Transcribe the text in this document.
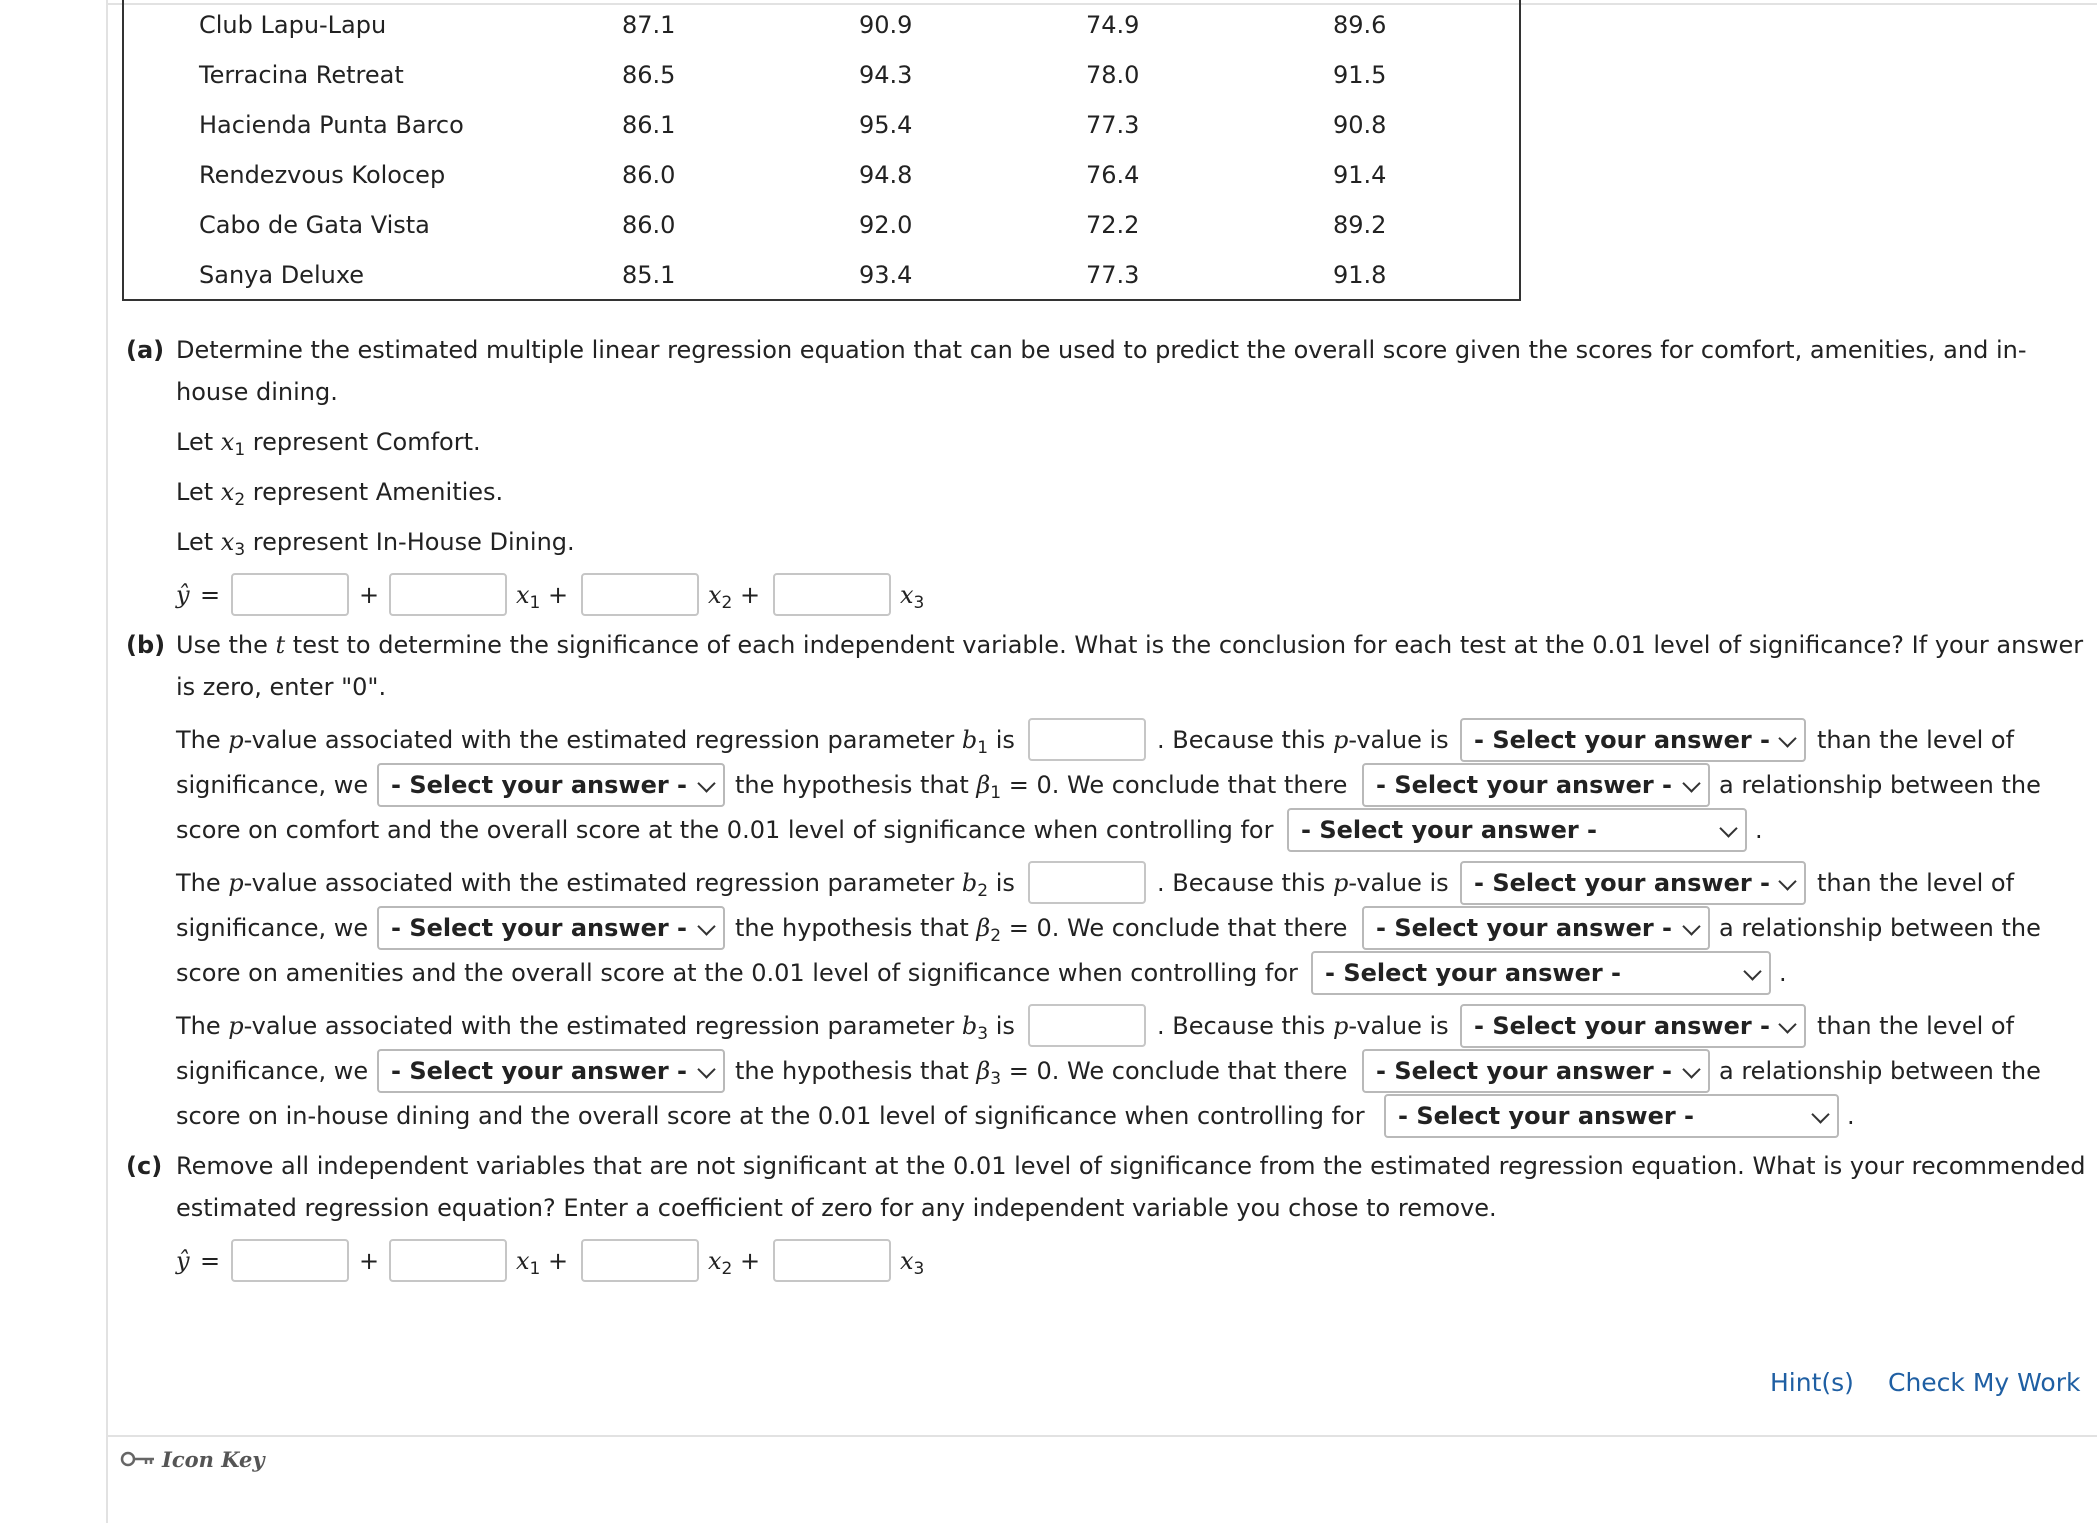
Club Lapu-Lapu	87.1	90.9	74.9	89.6
Terracina Retreat	86.5	94.3	78.0	91.5
Hacienda Punta Barco	86.1	95.4	77.3	90.8
Rendezvous Kolocep	86.0	94.8	76.4	91.4
Cabo de Gata Vista	86.0	92.0	72.2	89.2
Sanya Deluxe	85.1	93.4	77.3	91.8
(a) Determine the estimated multiple linear regression equation that can be used to predict the overall score given the scores for comfort, amenities, and in-
house dining.
Let $x_1$ represent Comfort.
Let $x_2$ represent Amenities.
Let $x_3$ represent In-House Dining.
ŷ =	+	$x_1$ +	$x_2$ +	$x_3$
(b) Use the t test to determine the significance of each independent variable. What is the conclusion for each test at the 0.01 level of significance? If your answer
is zero, enter "0".
The p-value associated with the estimated regression parameter $b_1$ is	. Because this p-value is	- Select your answer -	than the level of
significance, we - Select your answer -	the hypothesis that $\beta_1 = 0$. We conclude that there	- Select your answer -	a relationship between the
score on comfort and the overall score at the 0.01 level of significance when controlling for	- Select your answer -	.
The p-value associated with the estimated regression parameter $b_2$ is	. Because this p-value is	- Select your answer -	than the level of
significance, we - Select your answer -	the hypothesis that $\beta_2 = 0$. We conclude that there	- Select your answer -	a relationship between the
score on amenities and the overall score at the 0.01 level of significance when controlling for	- Select your answer -	.
The p-value associated with the estimated regression parameter $b_3$ is	. Because this p-value is	- Select your answer -	than the level of
significance, we - Select your answer -	the hypothesis that $\beta_3 = 0$. We conclude that there	- Select your answer -	a relationship between the
score on in-house dining and the overall score at the 0.01 level of significance when controlling for	- Select your answer -	.
(c) Remove all independent variables that are not significant at the 0.01 level of significance from the estimated regression equation. What is your recommended
estimated regression equation? Enter a coefficient of zero for any independent variable you chose to remove.
ŷ =	+	$x_1$ +	$x_2$ +	$x_3$
Hint(s) Check My Work
Icon Key
